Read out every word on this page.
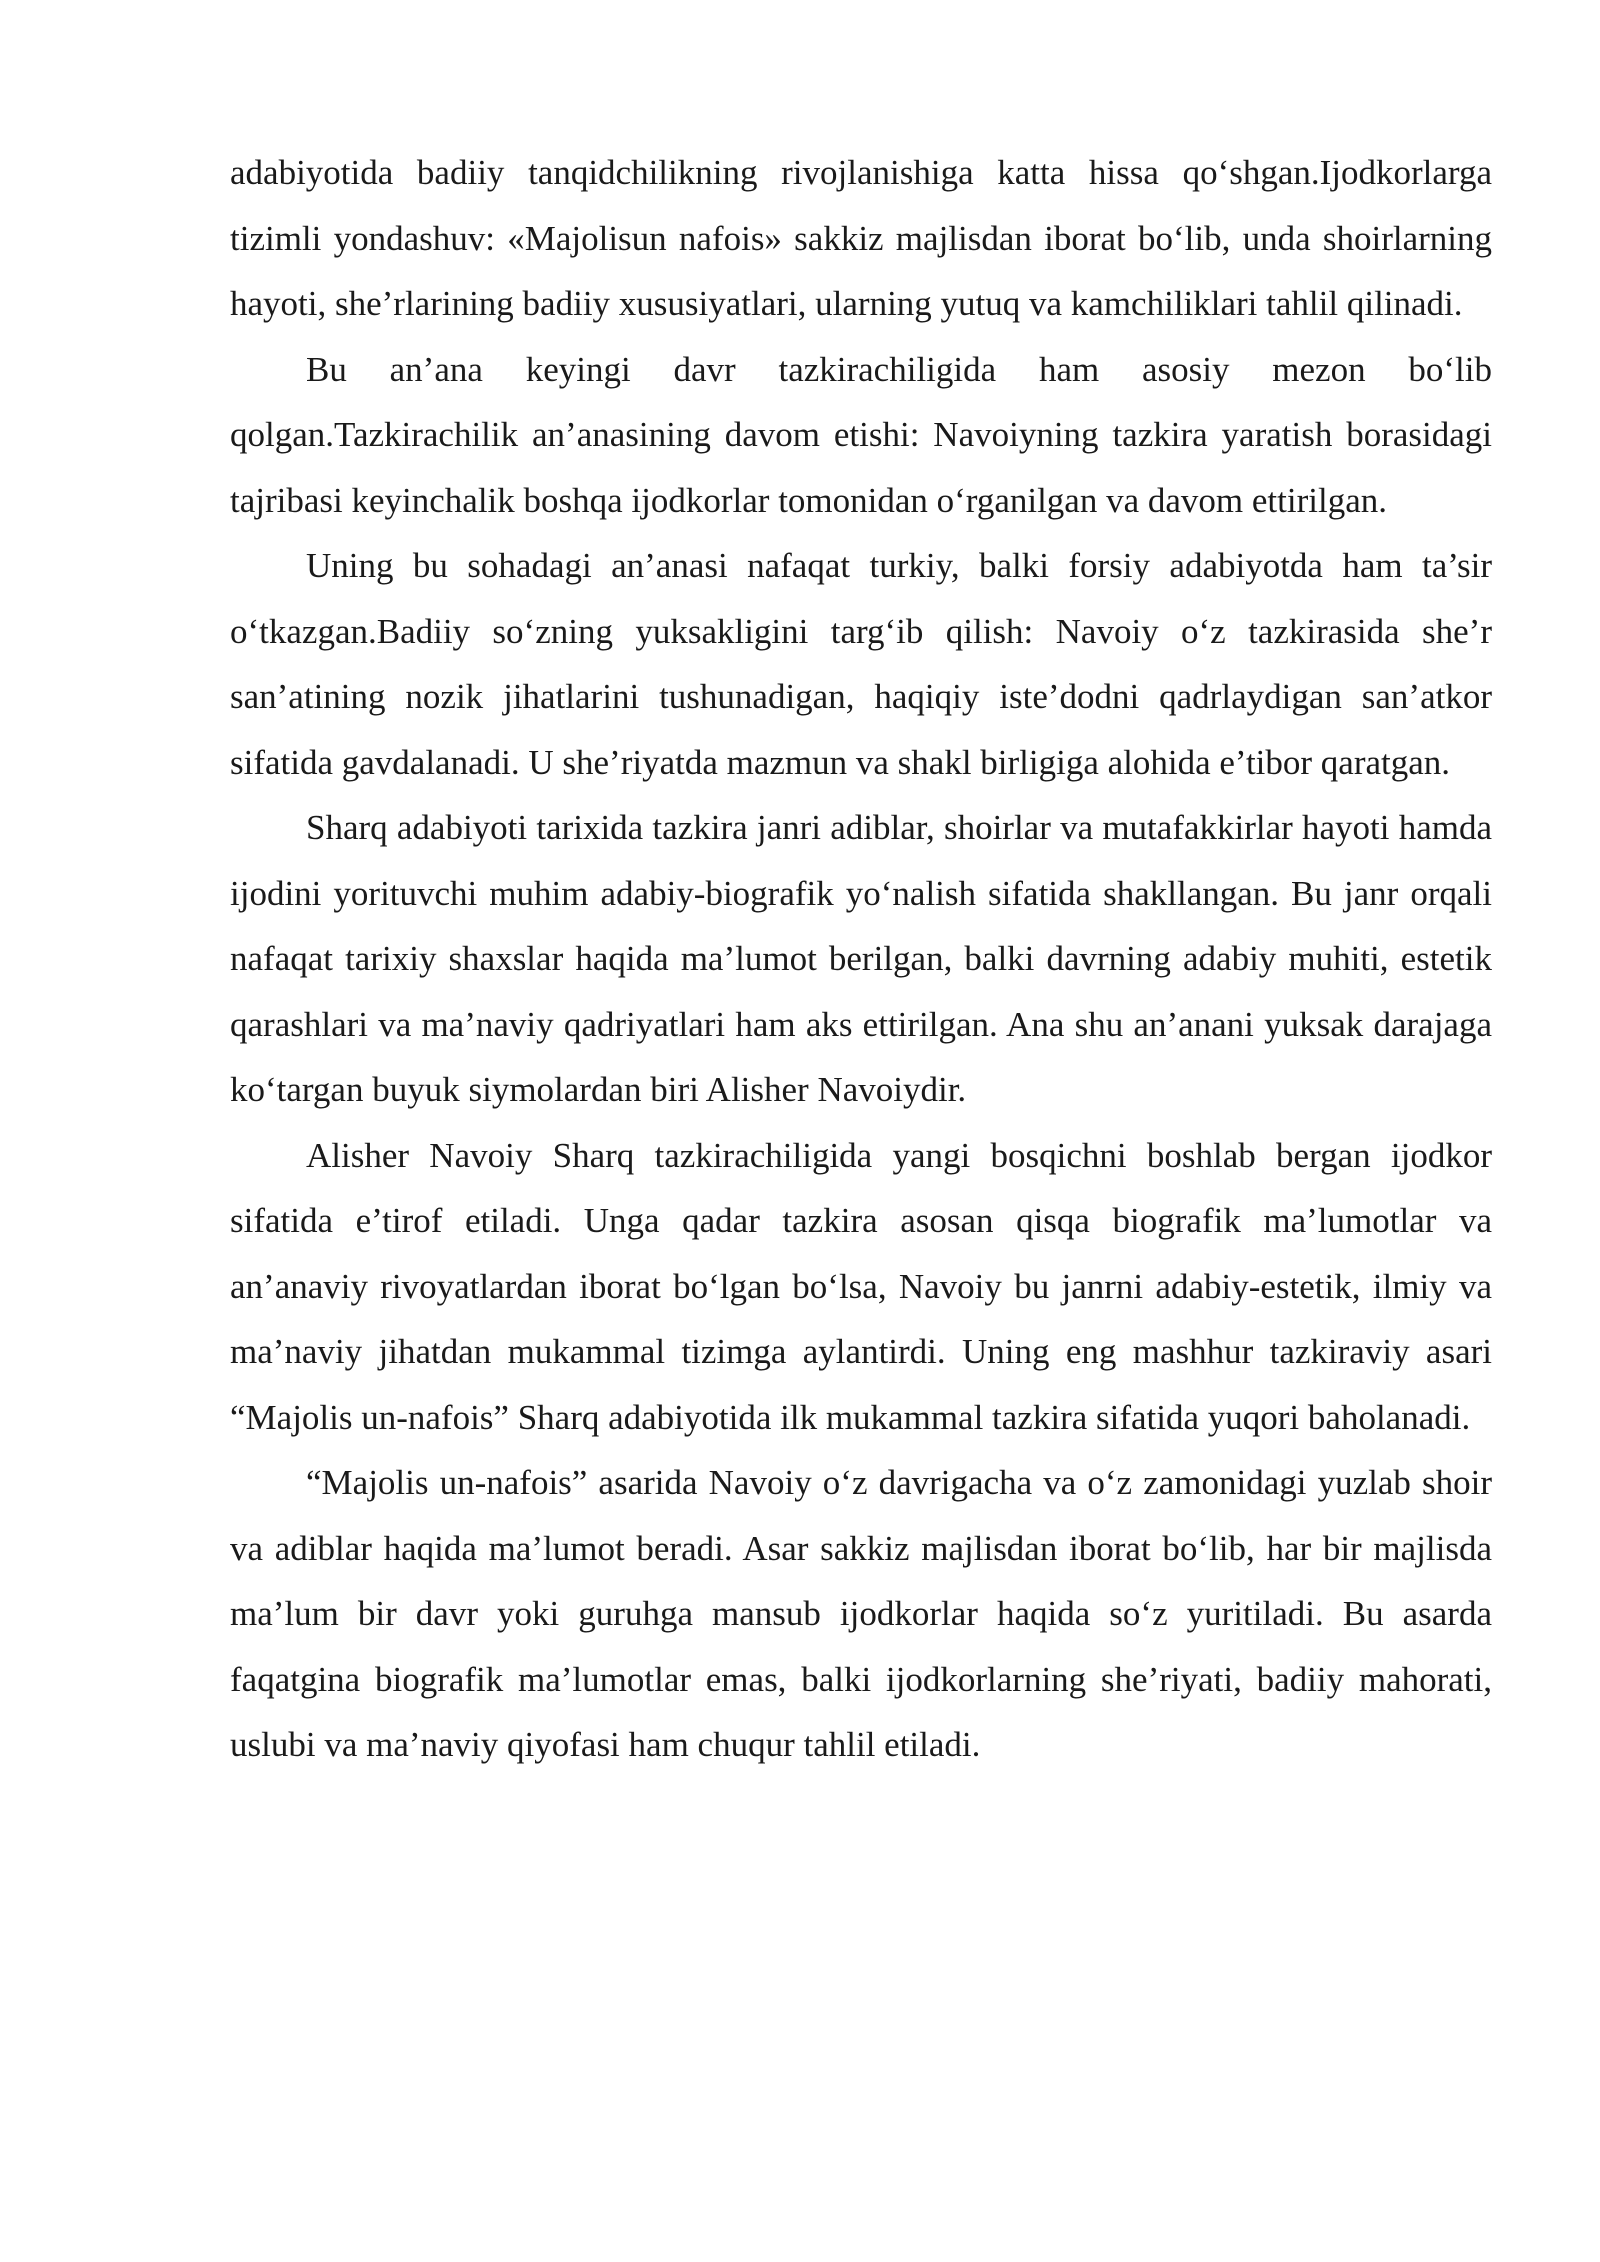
adabiyotida badiiy tanqidchilikning rivojlanishiga katta hissa qo‘shgan.Ijodkorlarga tizimli yondashuv: «Majolisun nafois» sakkiz majlisdan iborat bo‘lib, unda shoirlarning hayoti, she’rlarining badiiy xususiyatlari, ularning yutuq va kamchiliklari tahlil qilinadi.

Bu an’ana keyingi davr tazkirachiligida ham asosiy mezon bo‘lib qolgan.Tazkirachilik an’anasining davom etishi: Navoiyning tazkira yaratish borasidagi tajribasi keyinchalik boshqa ijodkorlar tomonidan o‘rganilgan va davom ettirilgan.

Uning bu sohadagi an’anasi nafaqat turkiy, balki forsiy adabiyotda ham ta’sir o‘tkazgan.Badiiy so‘zning yuksakligini targ‘ib qilish: Navoiy o‘z tazkirasida she’r san’atining nozik jihatlarini tushunadigan, haqiqiy iste’dodni qadrlaydigan san’atkor sifatida gavdalanadi. U she’riyatda mazmun va shakl birligiga alohida e’tibor qaratgan.

Sharq adabiyoti tarixida tazkira janri adiblar, shoirlar va mutafakkirlar hayoti hamda ijodini yorituvchi muhim adabiy-biografik yo‘nalish sifatida shakllangan. Bu janr orqali nafaqat tarixiy shaxslar haqida ma’lumot berilgan, balki davrning adabiy muhiti, estetik qarashlari va ma’naviy qadriyatlari ham aks ettirilgan. Ana shu an’anani yuksak darajaga ko‘targan buyuk siymolardan biri Alisher Navoiydir.

Alisher Navoiy Sharq tazkirachiligida yangi bosqichni boshlab bergan ijodkor sifatida e’tirof etiladi. Unga qadar tazkira asosan qisqa biografik ma’lumotlar va an’anaviy rivoyatlardan iborat bo‘lgan bo‘lsa, Navoiy bu janrni adabiy-estetik, ilmiy va ma’naviy jihatdan mukammal tizimga aylantirdi. Uning eng mashhur tazkiraviy asari “Majolis un-nafois” Sharq adabiyotida ilk mukammal tazkira sifatida yuqori baholanadi.

“Majolis un-nafois” asarida Navoiy o‘z davrigacha va o‘z zamonidagi yuzlab shoir va adiblar haqida ma’lumot beradi. Asar sakkiz majlisdan iborat bo‘lib, har bir majlisda ma’lum bir davr yoki guruhga mansub ijodkorlar haqida so‘z yuritiladi. Bu asarda faqatgina biografik ma’lumotlar emas, balki ijodkorlarning she’riyati, badiiy mahorati, uslubi va ma’naviy qiyofasi ham chuqur tahlil etiladi.
